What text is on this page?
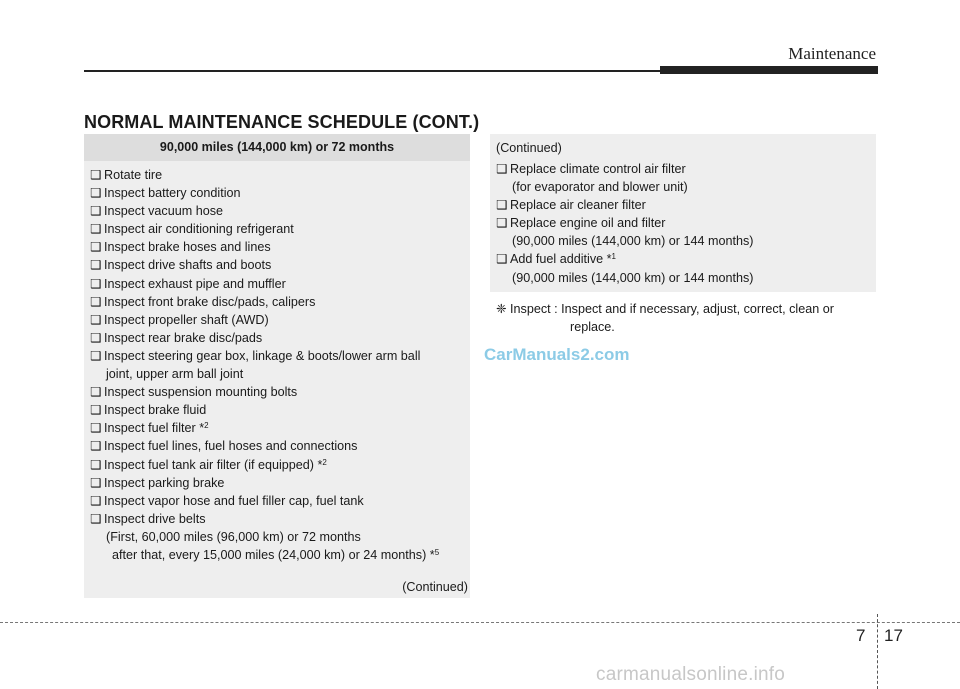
Maintenance
NORMAL MAINTENANCE SCHEDULE (CONT.)
90,000 miles (144,000 km) or 72 months
❑ Rotate tire
❑ Inspect battery condition
❑ Inspect vacuum hose
❑ Inspect air conditioning refrigerant
❑ Inspect brake hoses and lines
❑ Inspect drive shafts and boots
❑ Inspect exhaust pipe and muffler
❑ Inspect front brake disc/pads, calipers
❑ Inspect propeller shaft (AWD)
❑ Inspect rear brake disc/pads
❑ Inspect steering gear box, linkage & boots/lower arm ball
joint, upper arm ball joint
❑ Inspect suspension mounting bolts
❑ Inspect brake fluid
❑ Inspect fuel filter *$^2$
❑ Inspect fuel lines, fuel hoses and connections
❑ Inspect fuel tank air filter (if equipped) *$^2$
❑ Inspect parking brake
❑ Inspect vapor hose and fuel filler cap, fuel tank
❑ Inspect drive belts
(First, 60,000 miles (96,000 km) or 72 months
after that, every 15,000 miles (24,000 km) or 24 months) *$^5$
(Continued)
(Continued)
❑ Replace climate control air filter
(for evaporator and blower unit)
❑ Replace air cleaner filter
❑ Replace engine oil and filter
(90,000 miles (144,000 km) or 144 months)
❑ Add fuel additive *$^1$
(90,000 miles (144,000 km) or 144 months)
❈ Inspect : Inspect and if necessary, adjust, correct, clean or
replace.
CarManuals2.com
7 17
carmanualsonline.info
